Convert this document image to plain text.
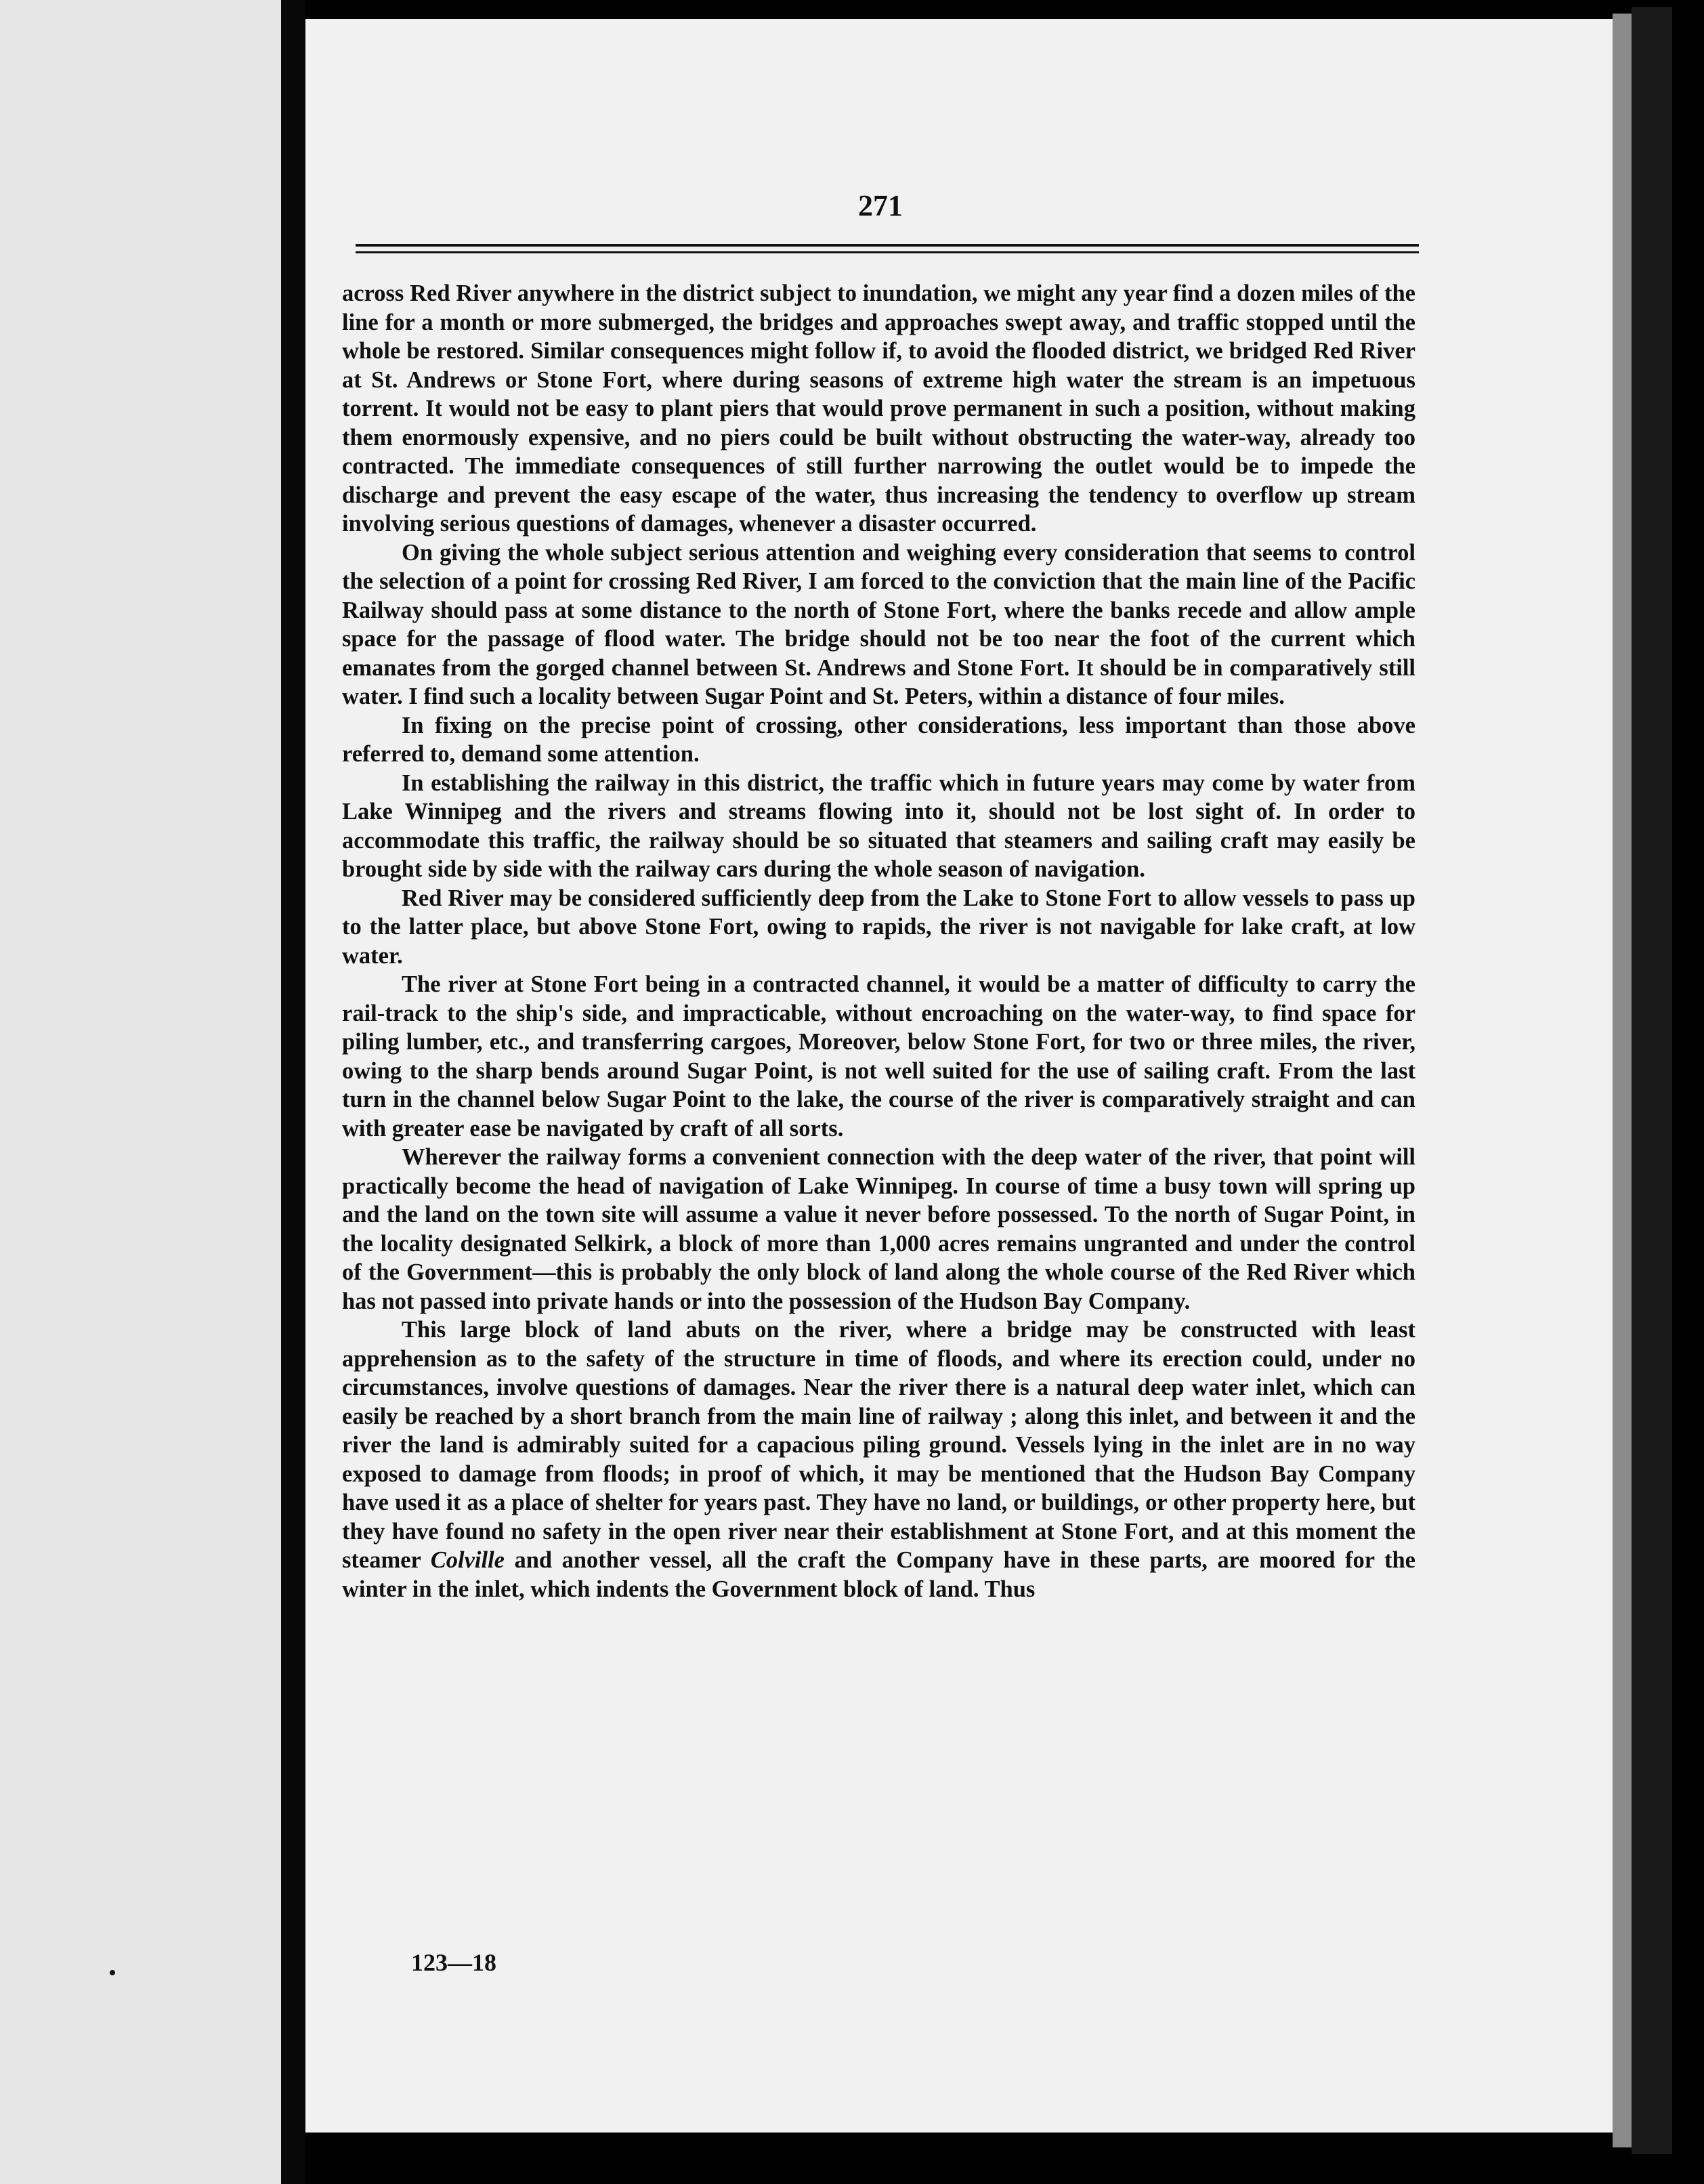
271

across Red River anywhere in the district subject to inundation, we might any year find a dozen miles of the line for a month or more submerged, the bridges and approaches swept away, and traffic stopped until the whole be restored. Similar consequences might follow if, to avoid the flooded district, we bridged Red River at St. Andrews or Stone Fort, where during seasons of extreme high water the stream is an impetuous torrent. It would not be easy to plant piers that would prove permanent in such a position, without making them enormously expensive, and no piers could be built without obstructing the water-way, already too contracted. The immediate consequences of still further narrowing the outlet would be to impede the discharge and prevent the easy escape of the water, thus increasing the tendency to overflow up stream involving serious questions of damages, whenever a disaster occurred.

On giving the whole subject serious attention and weighing every consideration that seems to control the selection of a point for crossing Red River, I am forced to the conviction that the main line of the Pacific Railway should pass at some distance to the north of Stone Fort, where the banks recede and allow ample space for the passage of flood water. The bridge should not be too near the foot of the current which emanates from the gorged channel between St. Andrews and Stone Fort. It should be in comparatively still water. I find such a locality between Sugar Point and St. Peters, within a distance of four miles.

In fixing on the precise point of crossing, other considerations, less important than those above referred to, demand some attention.

In establishing the railway in this district, the traffic which in future years may come by water from Lake Winnipeg and the rivers and streams flowing into it, should not be lost sight of. In order to accommodate this traffic, the railway should be so situated that steamers and sailing craft may easily be brought side by side with the railway cars during the whole season of navigation.

Red River may be considered sufficiently deep from the Lake to Stone Fort to allow vessels to pass up to the latter place, but above Stone Fort, owing to rapids, the river is not navigable for lake craft, at low water.

The river at Stone Fort being in a contracted channel, it would be a matter of difficulty to carry the rail-track to the ship's side, and impracticable, without encroaching on the water-way, to find space for piling lumber, etc., and transferring cargoes, Moreover, below Stone Fort, for two or three miles, the river, owing to the sharp bends around Sugar Point, is not well suited for the use of sailing craft. From the last turn in the channel below Sugar Point to the lake, the course of the river is comparatively straight and can with greater ease be navigated by craft of all sorts.

Wherever the railway forms a convenient connection with the deep water of the river, that point will practically become the head of navigation of Lake Winnipeg. In course of time a busy town will spring up and the land on the town site will assume a value it never before possessed. To the north of Sugar Point, in the locality designated Selkirk, a block of more than 1,000 acres remains ungranted and under the control of the Government—this is probably the only block of land along the whole course of the Red River which has not passed into private hands or into the possession of the Hudson Bay Company.

This large block of land abuts on the river, where a bridge may be constructed with least apprehension as to the safety of the structure in time of floods, and where its erection could, under no circumstances, involve questions of damages. Near the river there is a natural deep water inlet, which can easily be reached by a short branch from the main line of railway ; along this inlet, and between it and the river the land is admirably suited for a capacious piling ground. Vessels lying in the inlet are in no way exposed to damage from floods; in proof of which, it may be mentioned that the Hudson Bay Company have used it as a place of shelter for years past. They have no land, or buildings, or other property here, but they have found no safety in the open river near their establishment at Stone Fort, and at this moment the steamer Colville and another vessel, all the craft the Company have in these parts, are moored for the winter in the inlet, which indents the Government block of land. Thus

123—18
